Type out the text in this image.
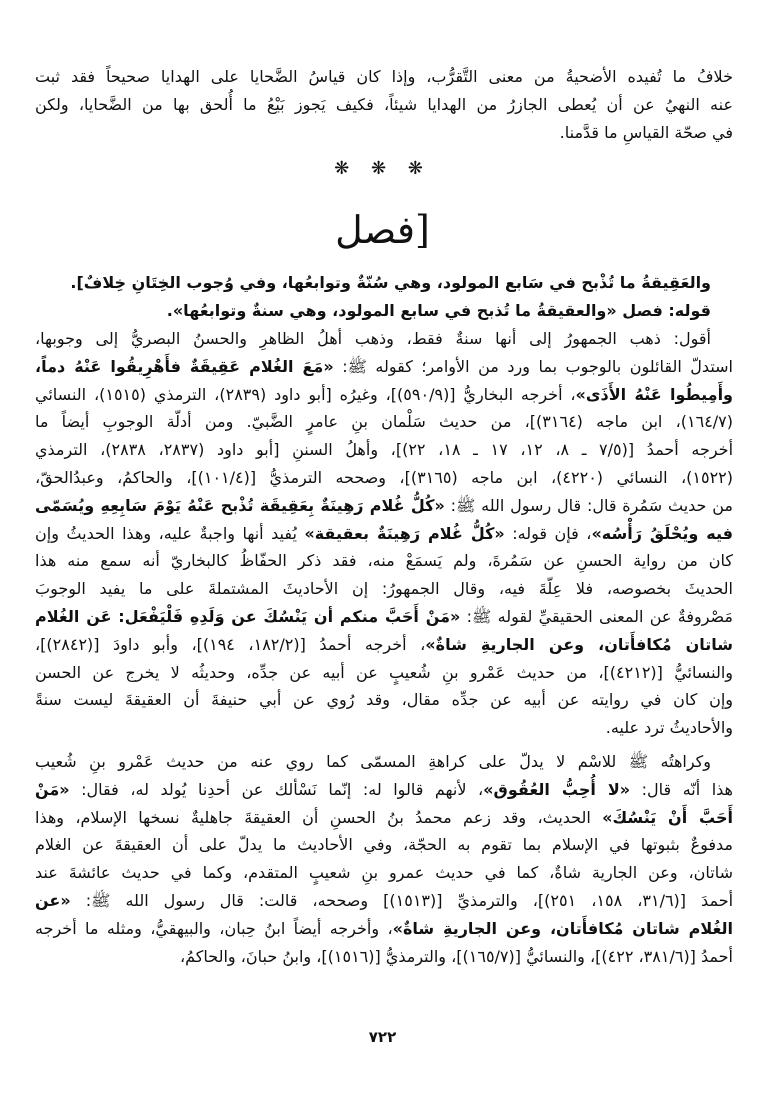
❋ ❋ ❋
[فصل
خلافُ ما تُفيده الأضحيةُ من معنى التَّقرُّب، وإذا كان قياسُ الضَّحايا على الهدايا صحيحاً فقد ثبت
عنه النهيُ عن أن يُعطى الجازرُ من الهدايا شيئاً، فكيف يَجوز بَيْعُ ما أُلحق بها من الضَّحايا، ولكن
في صحّة القياسِ ما قدَّمنا.
والعَقِيقةُ ما تُذْبح في سَابع المولود، وهي سُنّةٌ وتوابعُها، وفي وُجوب الخِتَانِ خِلافٌ].
قوله: فصل «والعقيقةُ ما تُذبح في سابع المولود، وهي سنةٌ وتوابعُها».
أقول: ذهب الجمهورُ إلى أنها سنةٌ فقط، وذهب أهلُ الظاهرِ والحسنُ البصريُّ إلى وجوبها،
استدلّ القائلون بالوجوب بما ورد من الأوامر؛ كقوله ﷺ: «مَعَ الغُلام عَقِيقَةٌ فأَهْرِيقُوا عَنْهُ دماً،
وأَمِيطُوا عَنْهُ الأَذَى»، أخرجه البخاريُّ [(٥٩٠/٩)]، وغيرُه [أبو داود (٢٨٣٩)، الترمذي (١٥١٥)، النسائي
(١٦٤/٧)، ابن ماجه (٣١٦٤)]، من حديث سَلْمان بنِ عامرٍ الضَّبيّ. ومن أدلّة الوجوبِ أيضاً ما
أخرجه أحمدُ [(٧/٥ ـ ٨، ١٢، ١٧ ـ ١٨، ٢٢)]، وأهلُ السننِ [أبو داود (٢٨٣٧، ٢٨٣٨)، الترمذي
(١٥٢٢)، النسائي (٤٢٢٠)، ابن ماجه (٣١٦٥)]، وصححه الترمذيُّ [(١٠١/٤)]، والحاكمُ، وعبدُالحقّ،
من حديث سَمُرة قال: قال رسول الله ﷺ: «كُلُّ غُلام رَهِينَةٌ بِعَقِيقَة تُذْبح عَنْهُ يَوْمَ سَابِعِهِ ويُسَمّى
فيه ويُحْلَقُ رَأْسُه»، فإن قوله: «كُلُّ غُلام رَهِينَةٌ بعقيقة» يُفيد أنها واجبةٌ عليه، وهذا الحديثُ وإن
كان من رواية الحسنِ عن سَمُرةَ، ولم يَسمَعْ منه، فقد ذكر الحفّاظُ كالبخاريّ أنه سمع منه هذا
الحديثَ بخصوصه، فلا عِلّةَ فيه، وقال الجمهورُ: إن الأحاديثَ المشتملةَ على ما يفيد الوجوبَ
مَصْروفةٌ عن المعنى الحقيقيِّ لقوله ﷺ: «مَنْ أَحَبَّ منكم أن يَنْسُكَ عن وَلَدِهِ فَلْيَفْعَل: عَن الغُلام
شاتان مُكافأَتان، وعن الجاريةِ شاةٌ»، أخرجه أحمدُ [(١٨٢/٢، ١٩٤)]، وأبو داودَ [(٢٨٤٢)]،
والنسائيُّ [(٤٢١٢)]، من حديث عَمْرو بنِ شُعيبٍ عن أبيه عن جدِّه، وحديثُه لا يخرج عن الحسن
وإن كان في روايته عن أبيه عن جدِّه مقال، وقد رُوي عن أبي حنيفةَ أن العقيقةَ ليست سنةً
والأحاديثُ ترد عليه.
وكراهتُه ﷺ للاسْم لا يدلّ على كراهةِ المسمّى كما روي عنه من حديث عَمْرو بنِ شُعيب
هذا أنّه قال: «لا أُحِبُّ العُقُوق»، لأنهم قالوا له: إنّما نَسْألك عن أحدِنا يُولد له، فقال: «مَنْ
أَحَبَّ أَنْ يَنْسُكَ» الحديث، وقد زعم محمدُ بنُ الحسنِ أن العقيقةَ جاهليةٌ نسخها الإسلام، وهذا
مدفوعٌ بثبوتها في الإسلام بما تقوم به الحجّة، وفي الأحاديث ما يدلّ على أن العقيقةَ عن الغلام
شاتان، وعن الجارية شاةٌ، كما في حديث عمرو بنِ شعيبٍ المتقدم، وكما في حديث عائشةَ عند
أحمدَ [(٣١/٦، ١٥٨، ٢٥١)]، والترمذيِّ [(١٥١٣)] وصححه، قالت: قال رسول الله ﷺ: «عن
الغُلام شاتان مُكافأَتان، وعن الجاريةِ شاةٌ»، وأخرجه أيضاً ابنُ حِبان، والبيهقيُّ، ومثله ما أخرجه
أحمدُ [(٣٨١/٦، ٤٢٢)]، والنسائيُّ [(١٦٥/٧)]، والترمذيُّ [(١٥١٦)]، وابنُ حبانَ، والحاكمُ،
٧٢٢
